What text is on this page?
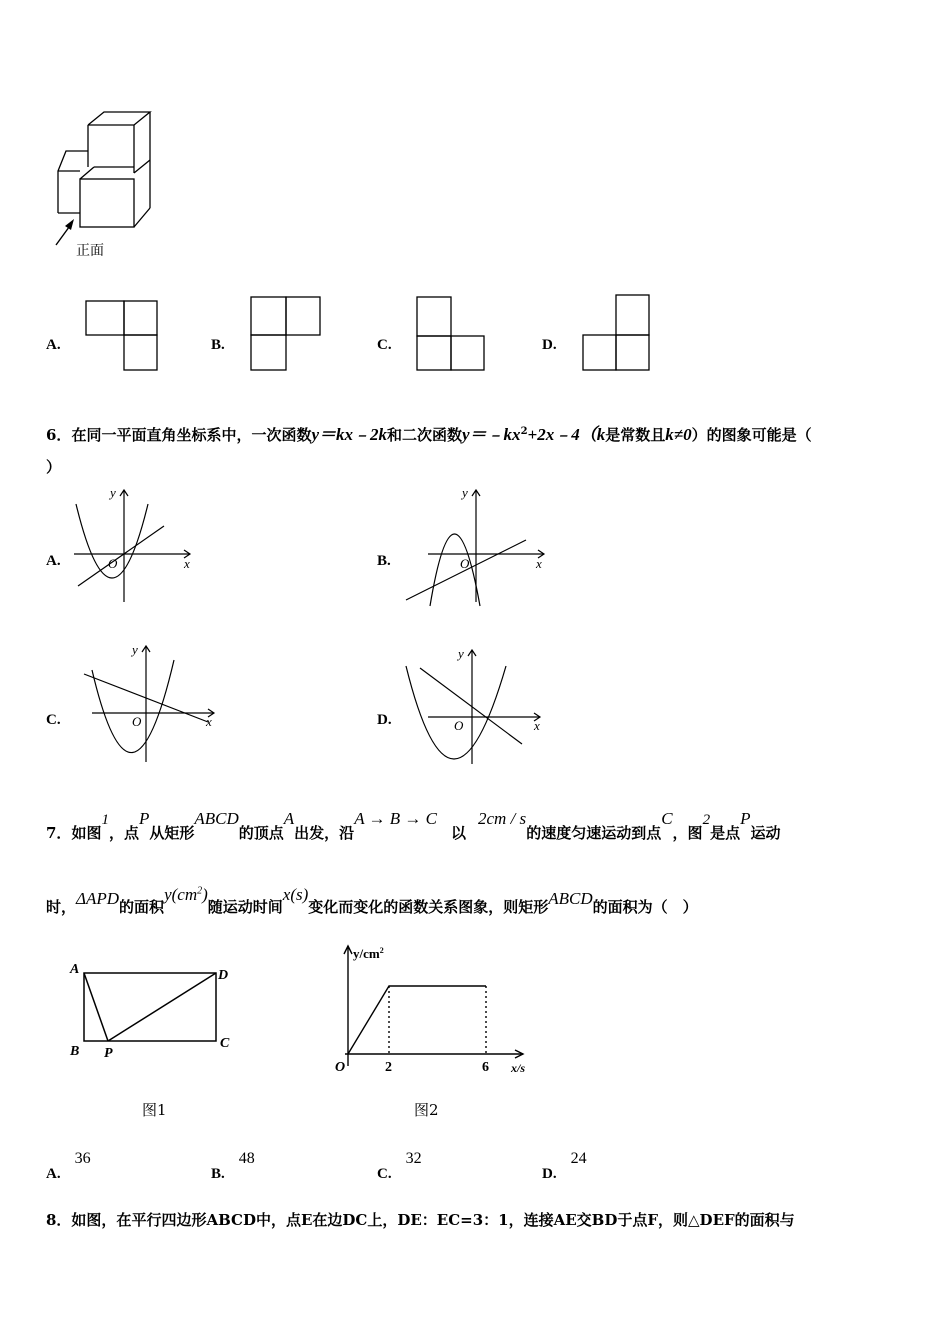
正面
A.	B.	C.	D.
6．在同一平面直角坐标系中，一次函数y＝kx﹣2k和二次函数$y=﹣kx^2+2x﹣4(k$是常数且k≠0）的图象可能是（
）
A.
y
x
O	B.
y
x
O
C.
y
x
O	D.
y
x
O
7．如图1，点P从矩形ABCD的顶点A出发，沿A → B → C以2cm / s的速度匀速运动到点C，图2是点P运动
时，ΔAPD的面积$y(cm^2)$随运动时间x(s)变化而变化的函数关系图象，则矩形ABCD的面积为（　）
A	D
B P
C
图1
$y/cm^2$
x/s
O	2	6
图2
A.36
B.48
C.32
D.24
8．如图，在平行四边形ABCD中，点E在边DC上，DE：EC=3：1，连接AE交BD于点F，则△DEF的面积与
